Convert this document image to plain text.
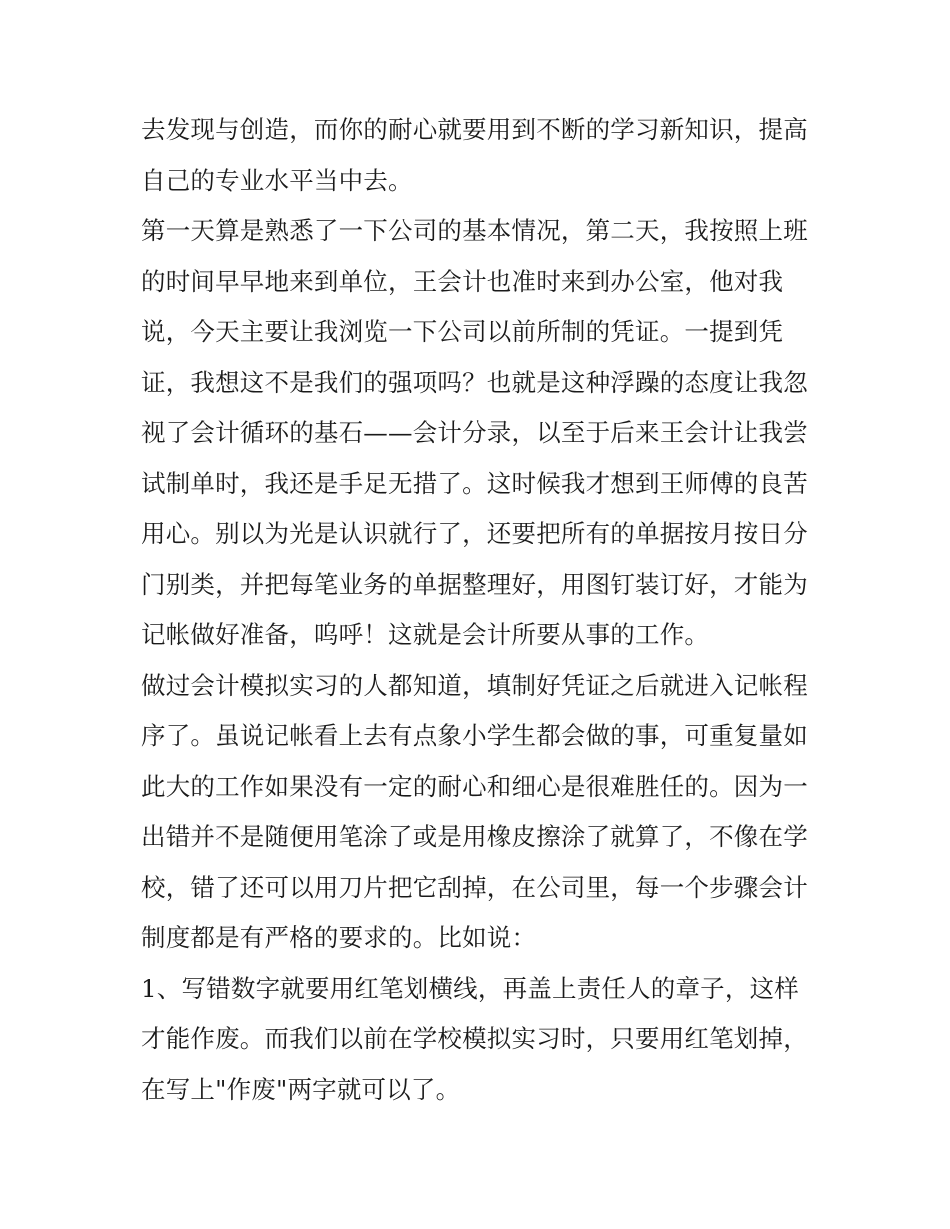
去发现与创造，而你的耐心就要用到不断的学习新知识，提高
自己的专业水平当中去。
第一天算是熟悉了一下公司的基本情况，第二天，我按照上班
的时间早早地来到单位，王会计也准时来到办公室，他对我
说，今天主要让我浏览一下公司以前所制的凭证。一提到凭
证，我想这不是我们的强项吗？也就是这种浮躁的态度让我忽
视了会计循环的基石——会计分录，以至于后来王会计让我尝
试制单时，我还是手足无措了。这时候我才想到王师傅的良苦
用心。别以为光是认识就行了，还要把所有的单据按月按日分
门别类，并把每笔业务的单据整理好，用图钉装订好，才能为
记帐做好准备，呜呼！这就是会计所要从事的工作。
做过会计模拟实习的人都知道，填制好凭证之后就进入记帐程
序了。虽说记帐看上去有点象小学生都会做的事，可重复量如
此大的工作如果没有一定的耐心和细心是很难胜任的。因为一
出错并不是随便用笔涂了或是用橡皮擦涂了就算了，不像在学
校，错了还可以用刀片把它刮掉，在公司里，每一个步骤会计
制度都是有严格的要求的。比如说：
1、写错数字就要用红笔划横线，再盖上责任人的章子，这样
才能作废。而我们以前在学校模拟实习时，只要用红笔划掉，
在写上"作废"两字就可以了。
